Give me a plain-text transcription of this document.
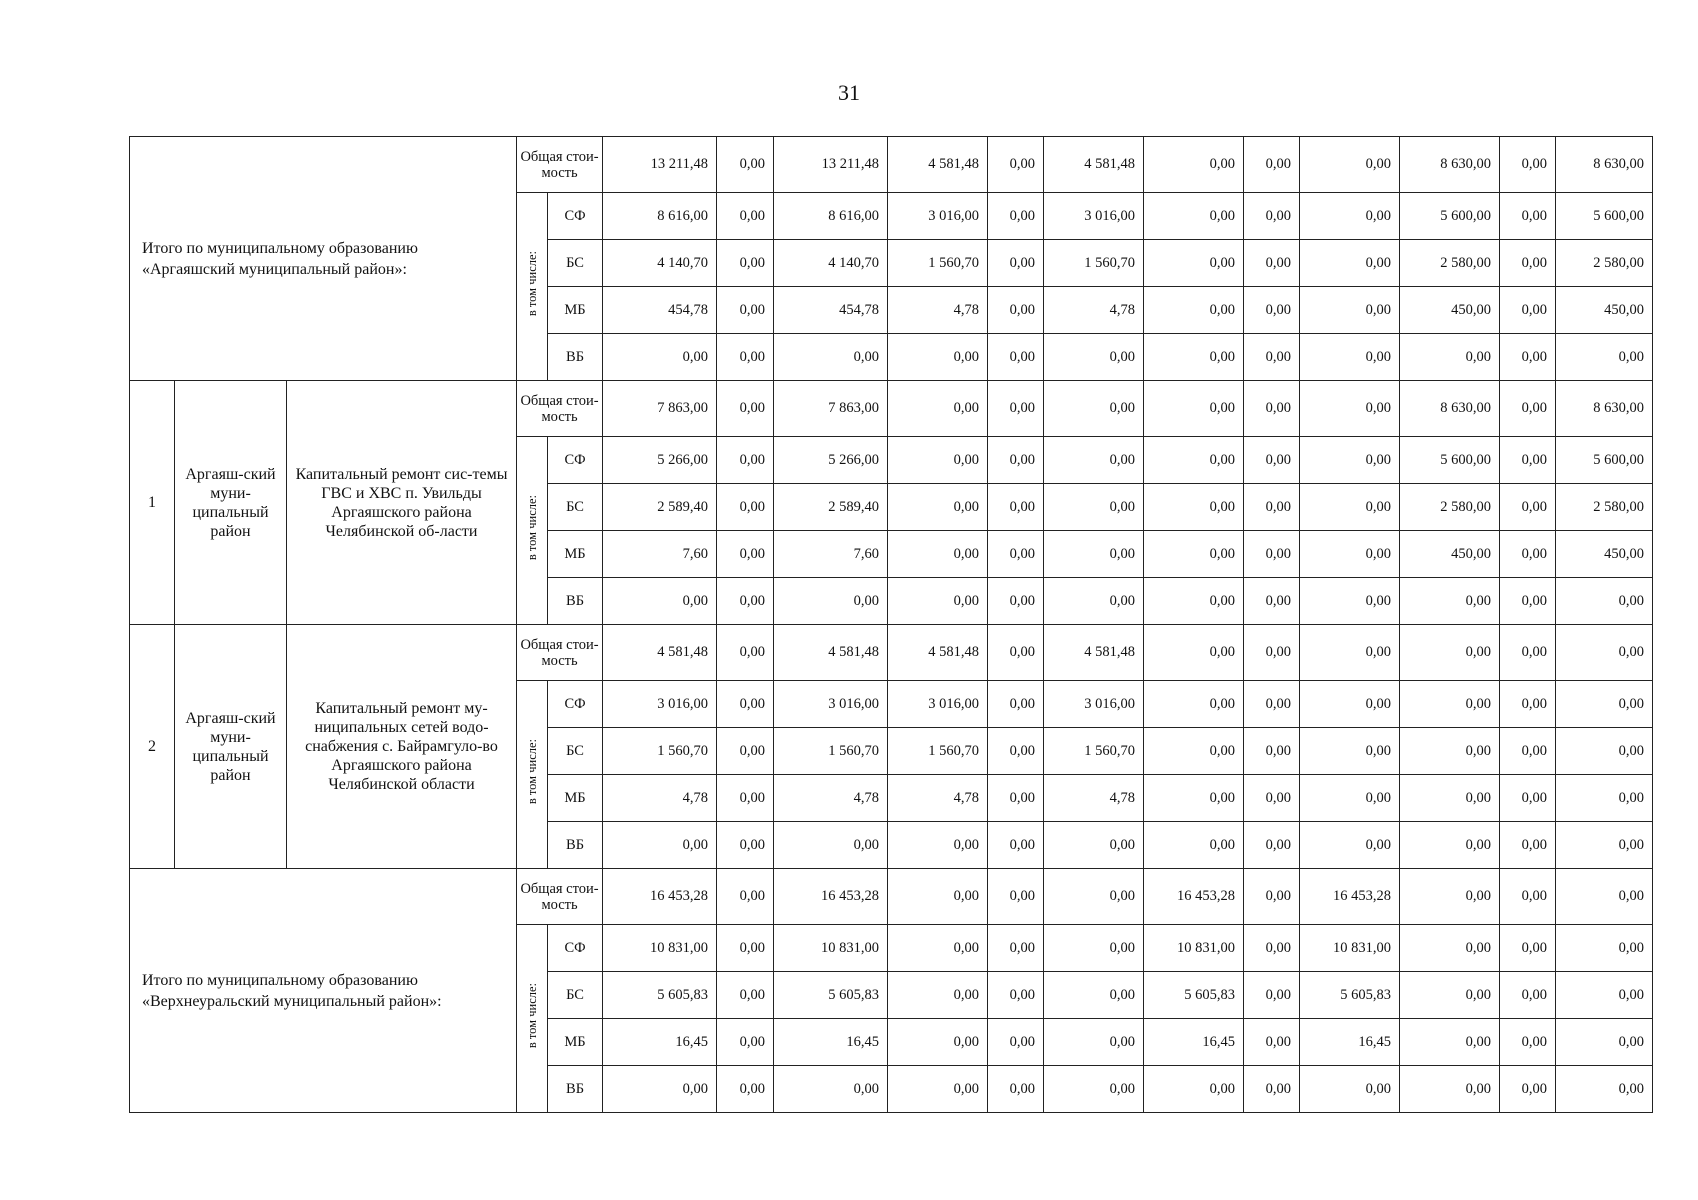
31
Итого по муниципальному образованию «Аргаяшский муниципальный район»:			Общая стои-мость		13 211,48	0,00	13 211,48	4 581,48	0,00	4 581,48	0,00	0,00	0,00	8 630,00	0,00	8 630,00
			в том числе:	СФ	8 616,00	0,00	8 616,00	3 016,00	0,00	3 016,00	0,00	0,00	0,00	5 600,00	0,00	5 600,00
				БС	4 140,70	0,00	4 140,70	1 560,70	0,00	1 560,70	0,00	0,00	0,00	2 580,00	0,00	2 580,00
				МБ	454,78	0,00	454,78	4,78	0,00	4,78	0,00	0,00	0,00	450,00	0,00	450,00
				ВБ	0,00	0,00	0,00	0,00	0,00	0,00	0,00	0,00	0,00	0,00	0,00	0,00
1	Аргаяш-ский муни-ципальный район	Капитальный ремонт сис-темы ГВС и ХВС п. Увильды Аргаяшского района Челябинской об-ласти	Общая стои-мость		7 863,00	0,00	7 863,00	0,00	0,00	0,00	0,00	0,00	0,00	8 630,00	0,00	8 630,00
			в том числе:	СФ	5 266,00	0,00	5 266,00	0,00	0,00	0,00	0,00	0,00	0,00	5 600,00	0,00	5 600,00
				БС	2 589,40	0,00	2 589,40	0,00	0,00	0,00	0,00	0,00	0,00	2 580,00	0,00	2 580,00
				МБ	7,60	0,00	7,60	0,00	0,00	0,00	0,00	0,00	0,00	450,00	0,00	450,00
				ВБ	0,00	0,00	0,00	0,00	0,00	0,00	0,00	0,00	0,00	0,00	0,00	0,00
2	Аргаяш-ский муни-ципальный район	Капитальный ремонт му-ниципальных сетей водо-снабжения с. Байрамгуло-во Аргаяшского района Челябинской области	Общая стои-мость		4 581,48	0,00	4 581,48	4 581,48	0,00	4 581,48	0,00	0,00	0,00	0,00	0,00	0,00
			в том числе:	СФ	3 016,00	0,00	3 016,00	3 016,00	0,00	3 016,00	0,00	0,00	0,00	0,00	0,00	0,00
				БС	1 560,70	0,00	1 560,70	1 560,70	0,00	1 560,70	0,00	0,00	0,00	0,00	0,00	0,00
				МБ	4,78	0,00	4,78	4,78	0,00	4,78	0,00	0,00	0,00	0,00	0,00	0,00
				ВБ	0,00	0,00	0,00	0,00	0,00	0,00	0,00	0,00	0,00	0,00	0,00	0,00
Итого по муниципальному образованию «Верхнеуральский муниципальный район»:			Общая стои-мость		16 453,28	0,00	16 453,28	0,00	0,00	0,00	16 453,28	0,00	16 453,28	0,00	0,00	0,00
			в том числе:	СФ	10 831,00	0,00	10 831,00	0,00	0,00	0,00	10 831,00	0,00	10 831,00	0,00	0,00	0,00
				БС	5 605,83	0,00	5 605,83	0,00	0,00	0,00	5 605,83	0,00	5 605,83	0,00	0,00	0,00
				МБ	16,45	0,00	16,45	0,00	0,00	0,00	16,45	0,00	16,45	0,00	0,00	0,00
				ВБ	0,00	0,00	0,00	0,00	0,00	0,00	0,00	0,00	0,00	0,00	0,00	0,00
